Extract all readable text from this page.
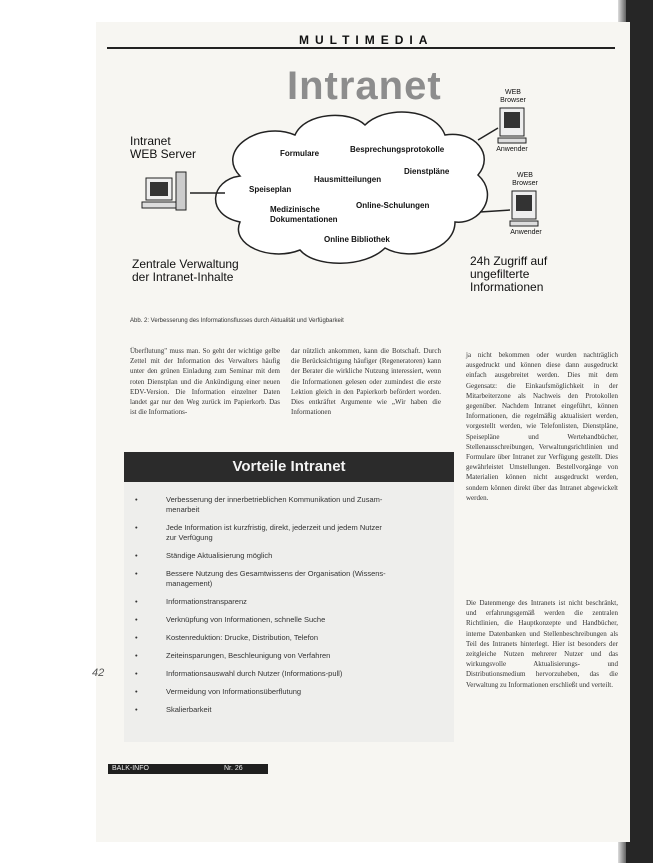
MULTIMEDIA
Intranet
Intranet
WEB Server
Zentrale Verwaltung
der Intranet-Inhalte
24h Zugriff auf
ungefilterte
Informationen
WEB
Browser
Anwender
WEB
Browser
Anwender
Formulare	Besprechungsprotokolle
Dienstpläne
Hausmitteilungen
Speiseplan
Medizinische
Dokumentationen
Online-Schulungen
Online Bibliothek
Abb. 2: Verbesserung des Informationsflusses durch Aktualität und Verfügbarkeit
Überflutung" muss man. So geht der wichtige gelbe Zettel mit der Information des Verwalters häufig unter den grünen Einladung zum Seminar mit dem roten Dienstplan und die Ankündigung einer neuen EDV-Version. Die Information einzelner Daten landet gar nur den Weg zurück im Papierkorb. Das ist die Informations-
dar nützlich ankommen, kann die Botschaft. Durch die Berücksichtigung häufiger (Regeneratoren) kann der Berater die wirkliche Nutzung interessiert, wenn die Informationen gelesen oder zumindest die erste Lektion gleich in den Papierkorb befördert worden. Dies entkräftet Argumente wie „Wir haben die Informationen
ja nicht bekommen oder wurden nachträglich ausgedruckt und können diese dann ausgedruckt einfach ausgebreitet werden. Dies mit dem Gegensatz: die Einkaufsmöglichkeit in der Mitarbeiterzone als Nachweis den Protokollen gegenüber. Nachdem Intranet eingeführt, können Informationen, die regelmäßig aktualisiert werden, vorgestellt werden, wie Telefonlisten, Dienstpläne, Speisepläne und Wertehandbücher, Stellenausschreibungen, Verwaltungsrichtlinien und Formulare über Intranet zur Verfügung gestellt. Dies gewährleistet Umstellungen. Bestellvorgänge von Materialien können nicht ausgedruckt werden, sondern können direkt über das Intranet abgewickelt werden.
Die Datenmenge des Intranets ist nicht beschränkt, und erfahrungsgemäß werden die zentralen Richtlinien, die Hauptkonzepte und Handbücher, interne Datenbanken und Stellenbeschreibungen als Teil des Intranets hinterlegt. Hier ist besonders der zeitgleiche Nutzen mehrerer Nutzer und das wirkungsvolle Aktualisierungs- und Distributionsmedium hervorzuheben, das die Verwaltung zu Informationen erschließt und verteilt.
Vorteile Intranet
•	Verbesserung der innerbetrieblichen Kommunikation und Zusam-
menarbeit
•	Jede Information ist kurzfristig, direkt, jederzeit und jedem Nutzer
zur Verfügung
•	Ständige Aktualisierung möglich
•	Bessere Nutzung des Gesamtwissens der Organisation (Wissens-
management)
•	Informationstransparenz
•	Verknüpfung von Informationen, schnelle Suche
•	Kostenreduktion: Drucke, Distribution, Telefon
•	Zeiteinsparungen, Beschleunigung von Verfahren
•	Informationsauswahl durch Nutzer (Informations-pull)
•	Vermeidung von Informationsüberflutung
•	Skalierbarkeit
42
BALK-INFO	Nr. 26
